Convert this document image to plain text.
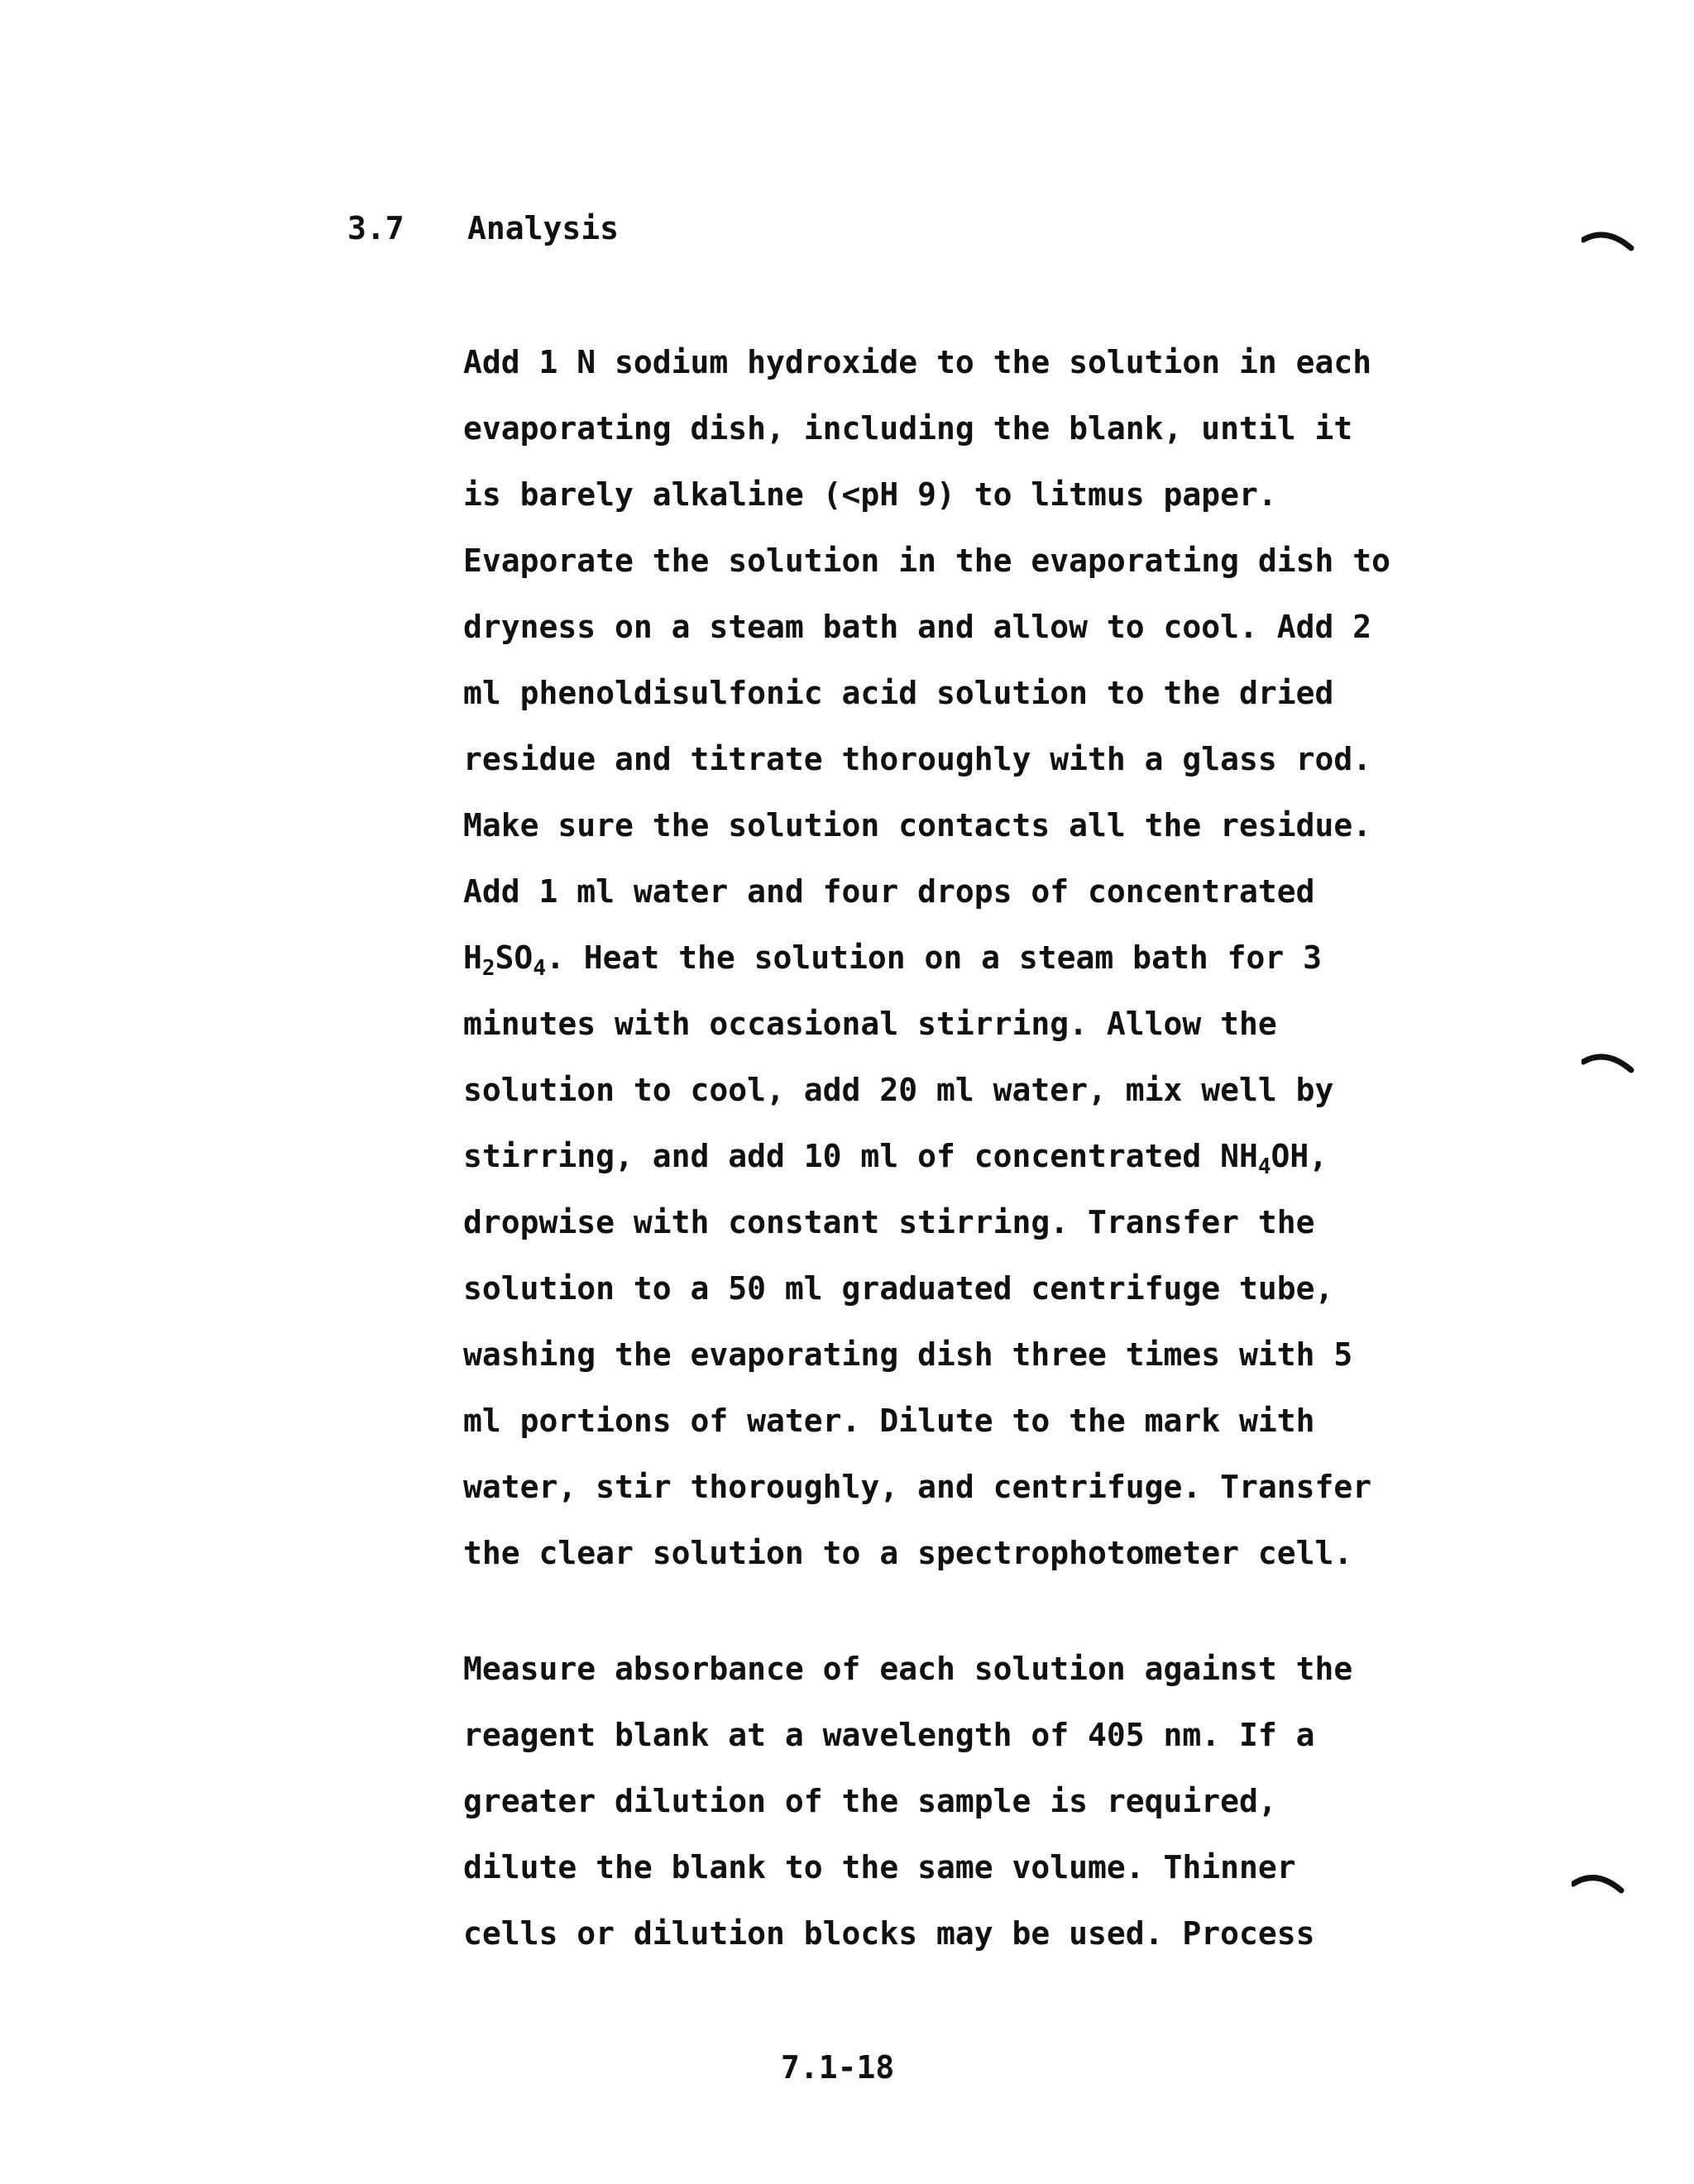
3.7 Analysis
Add 1 N sodium hydroxide to the solution in each
evaporating dish, including the blank, until it
is barely alkaline (<pH 9) to litmus paper.
Evaporate the solution in the evaporating dish to
dryness on a steam bath and allow to cool. Add 2
ml phenoldisulfonic acid solution to the dried
residue and titrate thoroughly with a glass rod.
Make sure the solution contacts all the residue.
Add 1 ml water and four drops of concentrated
$H_2SO_4$. Heat the solution on a steam bath for 3
minutes with occasional stirring. Allow the
solution to cool, add 20 ml water, mix well by
stirring, and add 10 ml of concentrated $NH_4OH$,
dropwise with constant stirring. Transfer the
solution to a 50 ml graduated centrifuge tube,
washing the evaporating dish three times with 5
ml portions of water. Dilute to the mark with
water, stir thoroughly, and centrifuge. Transfer
the clear solution to a spectrophotometer cell.
Measure absorbance of each solution against the
reagent blank at a wavelength of 405 nm. If a
greater dilution of the sample is required,
dilute the blank to the same volume. Thinner
cells or dilution blocks may be used. Process
7.1-18
